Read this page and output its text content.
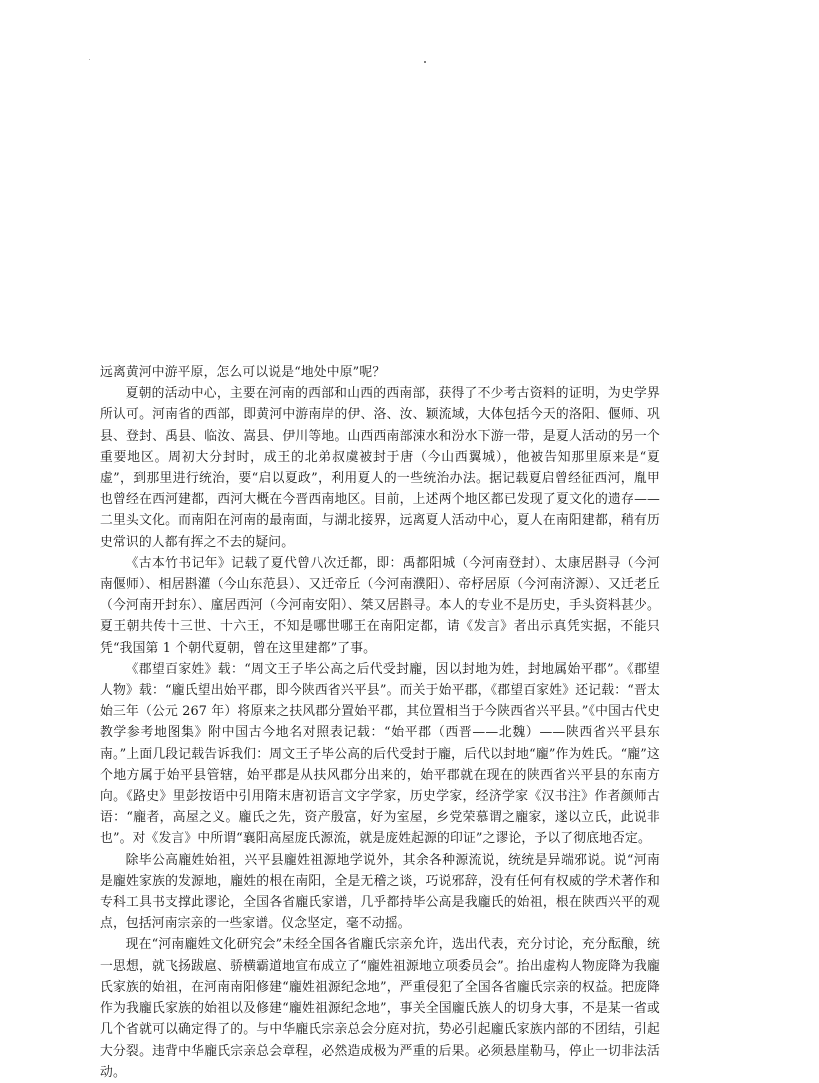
远离黄河中游平原，怎么可以说是“地处中原”呢？

夏朝的活动中心，主要在河南的西部和山西的西南部，获得了不少考古资料的证明，为史学界所认可。河南省的西部，即黄河中游南岸的伊、洛、汝、颖流域，大体包括今天的洛阳、偃师、巩县、登封、禹县、临汝、嵩县、伊川等地。山西西南部涑水和汾水下游一带，是夏人活动的另一个重要地区。周初大分封时，成王的北弟叔虞被封于唐（今山西翼城），他被告知那里原来是“夏虚”，到那里进行统治，要“启以夏政”，利用夏人的一些统治办法。据记载夏启曾经征西河，胤甲也曾经在西河建都，西河大概在今晋西南地区。目前，上述两个地区都已发现了夏文化的遗存——二里头文化。而南阳在河南的最南面，与湖北接界，远离夏人活动中心，夏人在南阳建都，稍有历史常识的人都有挥之不去的疑问。

《古本竹书记年》记载了夏代曾八次迁都，即：禹都阳城（今河南登封）、太康居斟寻（今河南偃师）、相居斟灌（今山东范县）、又迁帝丘（今河南濮阳）、帝杼居原（今河南济源）、又迁老丘（今河南开封东）、廑居西河（今河南安阳）、桀又居斟寻。本人的专业不是历史，手头资料甚少。夏王朝共传十三世、十六王，不知是哪世哪王在南阳定都，请《发言》者出示真凭实据，不能只凭“我国第 1 个朝代夏朝，曾在这里建都”了事。

《郡望百家姓》载：“周文王子毕公高之后代受封龐，因以封地为姓，封地属始平郡”。《郡望人物》载：“龐氏望出始平郡，即今陕西省兴平县”。而关于始平郡，《郡望百家姓》还记载：“晋太始三年（公元 267 年）将原来之扶风郡分置始平郡，其位置相当于今陕西省兴平县。”《中国古代史教学参考地图集》附中国古今地名对照表记载：“始平郡（西晋——北魏）——陕西省兴平县东南。”上面几段记载告诉我们：周文王子毕公高的后代受封于龐，后代以封地“龐”作为姓氏。“龐”这个地方属于始平县管辖，始平郡是从扶风郡分出来的，始平郡就在现在的陕西省兴平县的东南方向。《路史》里彭按语中引用隋末唐初语言文字学家，历史学家，经济学家《汉书注》作者颜师古语：“龐者，高屋之义。龐氏之先，资产殷富，好为室屋，乡党荣慕谓之龐家，遂以立氏，此说非也”。对《发言》中所谓“襄阳高屋庞氏源流，就是庞姓起源的印证”之谬论，予以了彻底地否定。

除毕公高龐姓始祖，兴平县龐姓祖源地学说外，其余各种源流说，统统是异端邪说。说“河南是龐姓家族的发源地，龐姓的根在南阳，全是无稽之谈，巧说邪辞，没有任何有权威的学术著作和专科工具书支撑此谬论，全国各省龐氏家谱，几乎都持毕公高是我龐氏的始祖，根在陕西兴平的观点，包括河南宗亲的一些家谱。仪念坚定，毫不动摇。

现在“河南龐姓文化研究会”未经全国各省龐氏宗亲允许，选出代表，充分讨论，充分酝酿，统一思想，就飞扬跋扈、骄横霸道地宣布成立了“龐姓祖源地立项委员会”。抬出虚构人物庞降为我龐氏家族的始祖，在河南南阳修建“龐姓祖源纪念地”，严重侵犯了全国各省龐氏宗亲的权益。把庞降作为我龐氏家族的始祖以及修建“龐姓祖源纪念地”，事关全国龐氏族人的切身大事，不是某一省或几个省就可以确定得了的。与中华龐氏宗亲总会分庭对抗，势必引起龐氏家族内部的不团结，引起大分裂。违背中华龐氏宗亲总会章程，必然造成极为严重的后果。必须悬崖勒马，停止一切非法活动。
